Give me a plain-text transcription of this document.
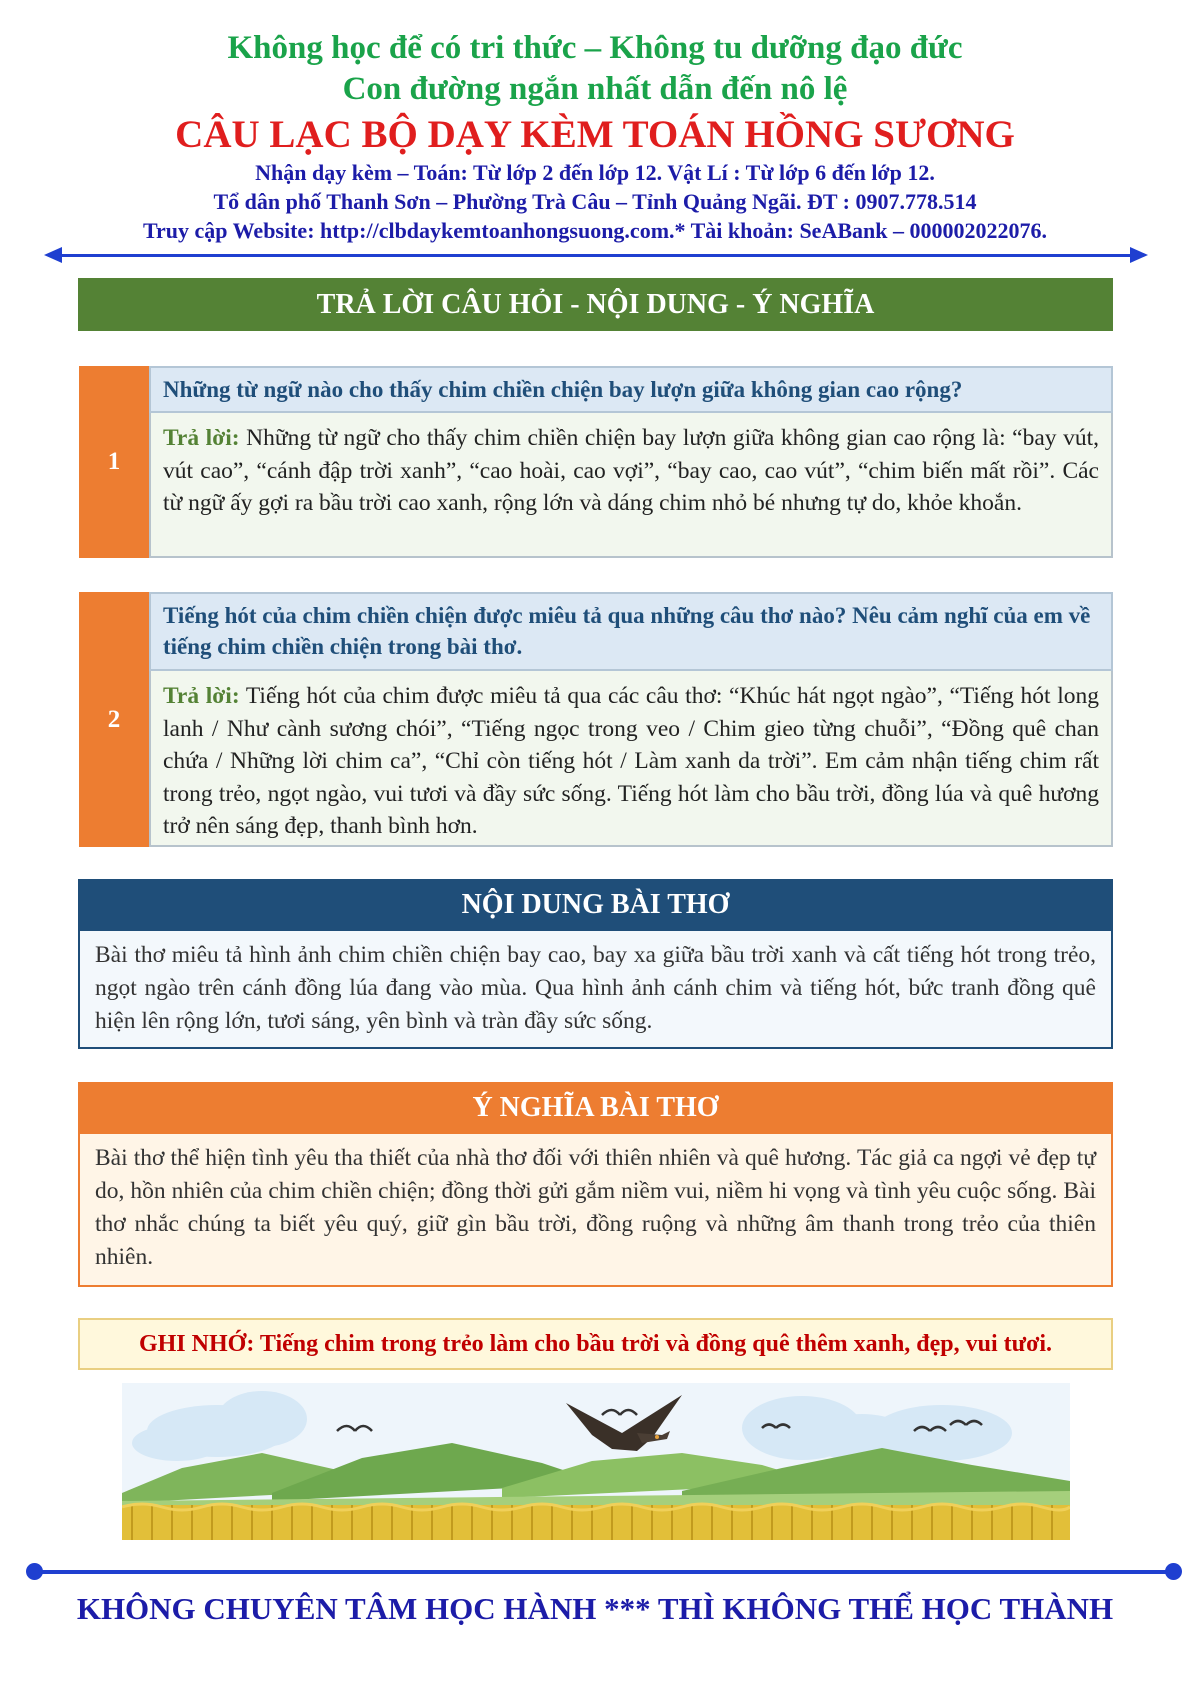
Không học để có tri thức – Không tu dưỡng đạo đức
Con đường ngắn nhất dẫn đến nô lệ
CÂU LẠC BỘ DẠY KÈM TOÁN HỒNG SƯƠNG
Nhận dạy kèm – Toán: Từ lớp 2 đến lớp 12. Vật Lí : Từ lớp 6 đến lớp 12.
Tổ dân phố Thanh Sơn – Phường Trà Câu – Tỉnh Quảng Ngãi. ĐT : 0907.778.514
Truy cập Website: http://clbdaykemtoanhongsuong.com.* Tài khoản: SeABank – 000002022076.
TRẢ LỜI CÂU HỎI - NỘI DUNG - Ý NGHĨA
1
Những từ ngữ nào cho thấy chim chiền chiện bay lượn giữa không gian cao rộng?
Trả lời: Những từ ngữ cho thấy chim chiền chiện bay lượn giữa không gian cao rộng là: “bay vút, vút cao”, “cánh đập trời xanh”, “cao hoài, cao vợi”, “bay cao, cao vút”, “chim biến mất rồi”. Các từ ngữ ấy gợi ra bầu trời cao xanh, rộng lớn và dáng chim nhỏ bé nhưng tự do, khỏe khoắn.
2
Tiếng hót của chim chiền chiện được miêu tả qua những câu thơ nào? Nêu cảm nghĩ của em về tiếng chim chiền chiện trong bài thơ.
Trả lời: Tiếng hót của chim được miêu tả qua các câu thơ: “Khúc hát ngọt ngào”, “Tiếng hót long lanh / Như cành sương chói”, “Tiếng ngọc trong veo / Chim gieo từng chuỗi”, “Đồng quê chan chứa / Những lời chim ca”, “Chỉ còn tiếng hót / Làm xanh da trời”. Em cảm nhận tiếng chim rất trong trẻo, ngọt ngào, vui tươi và đầy sức sống. Tiếng hót làm cho bầu trời, đồng lúa và quê hương trở nên sáng đẹp, thanh bình hơn.
NỘI DUNG BÀI THƠ
Bài thơ miêu tả hình ảnh chim chiền chiện bay cao, bay xa giữa bầu trời xanh và cất tiếng hót trong trẻo, ngọt ngào trên cánh đồng lúa đang vào mùa. Qua hình ảnh cánh chim và tiếng hót, bức tranh đồng quê hiện lên rộng lớn, tươi sáng, yên bình và tràn đầy sức sống.
Ý NGHĨA BÀI THƠ
Bài thơ thể hiện tình yêu tha thiết của nhà thơ đối với thiên nhiên và quê hương. Tác giả ca ngợi vẻ đẹp tự do, hồn nhiên của chim chiền chiện; đồng thời gửi gắm niềm vui, niềm hi vọng và tình yêu cuộc sống. Bài thơ nhắc chúng ta biết yêu quý, giữ gìn bầu trời, đồng ruộng và những âm thanh trong trẻo của thiên nhiên.
GHI NHỚ: Tiếng chim trong trẻo làm cho bầu trời và đồng quê thêm xanh, đẹp, vui tươi.
KHÔNG CHUYÊN TÂM HỌC HÀNH *** THÌ KHÔNG THỂ HỌC THÀNH
